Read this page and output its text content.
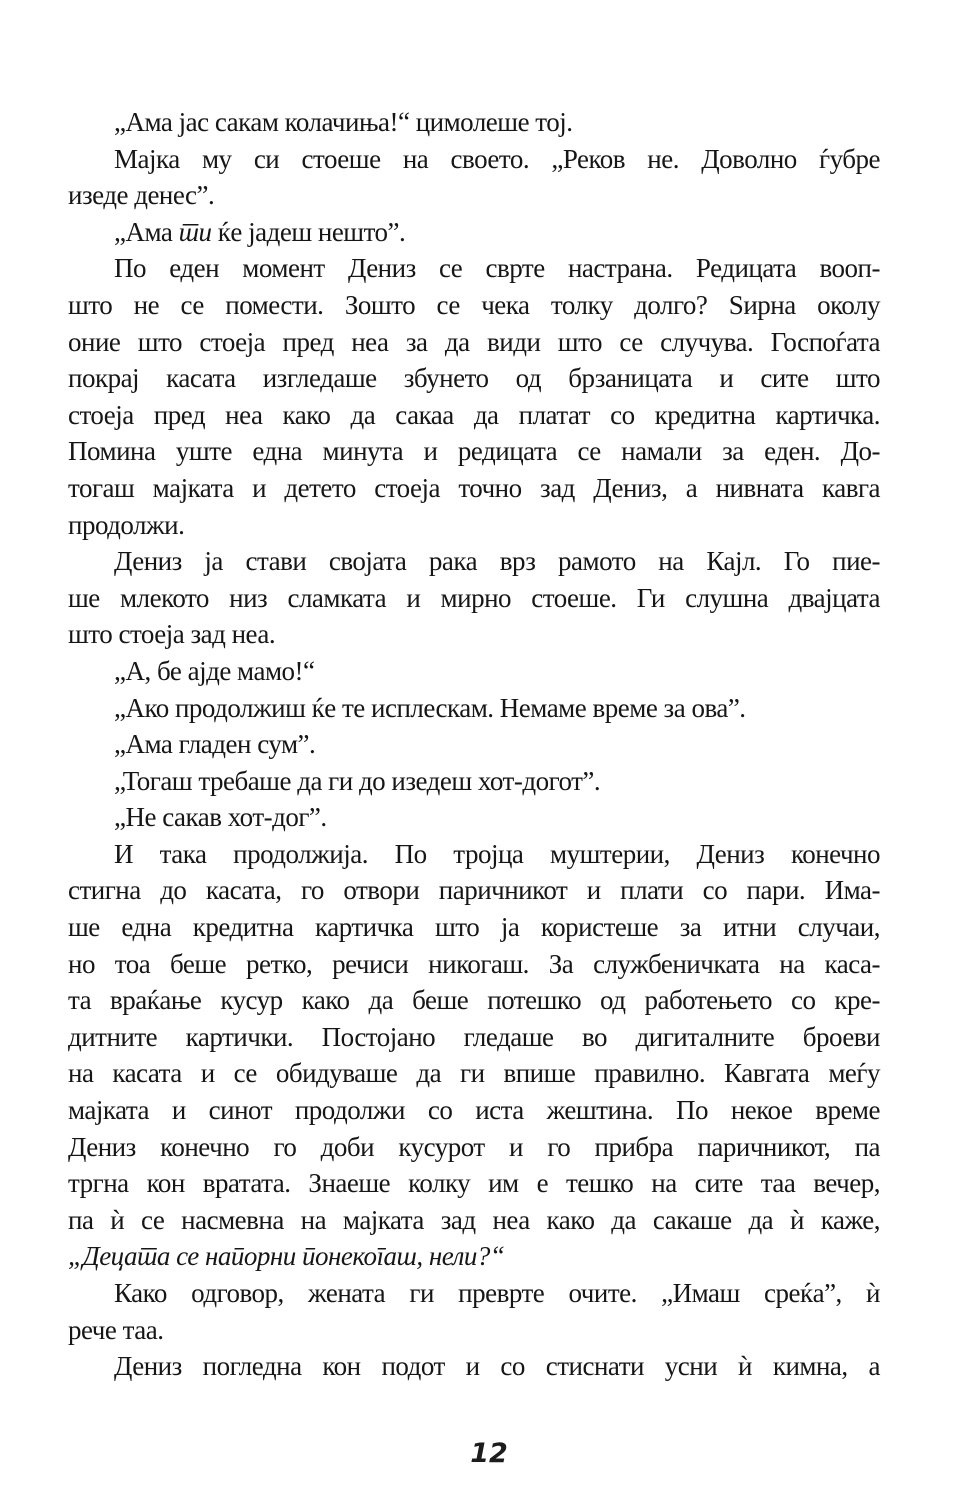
„Ама јас сакам колачиња!“ цимолеше тој.
Мајка му си стоеше на своето. „Реков не. Доволно ѓубре
изеде денес”.
„Ама ти ќе јадеш нешто”.
По еден момент Дениз се сврте настрана. Редицата вооп-
што не се помести. Зошто се чека толку долго? Ѕирна околу
оние што стоеја пред неа за да види што се случува. Госпоѓата
покрај касата изгледаше збунето од брзаницата и сите што
стоеја пред неа како да сакаа да платат со кредитна картичка.
Помина уште една минута и редицата се намали за еден. До-
тогаш мајката и детето стоеја точно зад Дениз, а нивната кавга
продолжи.
Дениз ја стави својата рака врз рамото на Кајл. Го пие-
ше млекото низ сламката и мирно стоеше. Ги слушна двајцата
што стоеја зад неа.
„А, бе ајде мамо!“
„Ако продолжиш ќе те исплескам. Немаме време за ова”.
„Ама гладен сум”.
„Тогаш требаше да ги до изедеш хот-догот”.
„Не сакав хот-дог”.
И така продолжија. По тројца муштерии, Дениз конечно
стигна до касата, го отвори паричникот и плати со пари. Има-
ше една кредитна картичка што ја користеше за итни случаи,
но тоа беше ретко, речиси никогаш. За службеничката на каса-
та враќање кусур како да беше потешко од работењето со кре-
дитните картички. Постојано гледаше во дигиталните броеви
на касата и се обидуваше да ги впише правилно. Кавгата меѓу
мајката и синот продолжи со иста жештина. По некое време
Дениз конечно го доби кусурот и го прибра паричникот, па
тргна кон вратата. Знаеше колку им е тешко на сите таа вечер,
па ѝ се насмевна на мајката зад неа како да сакаше да ѝ каже,
„Децата се напорни понекогаш, нели?“
Како одговор, жената ги преврте очите. „Имаш среќа”, ѝ
рече таа.
Дениз погледна кон подот и со стиснати усни ѝ кимна, а
12
